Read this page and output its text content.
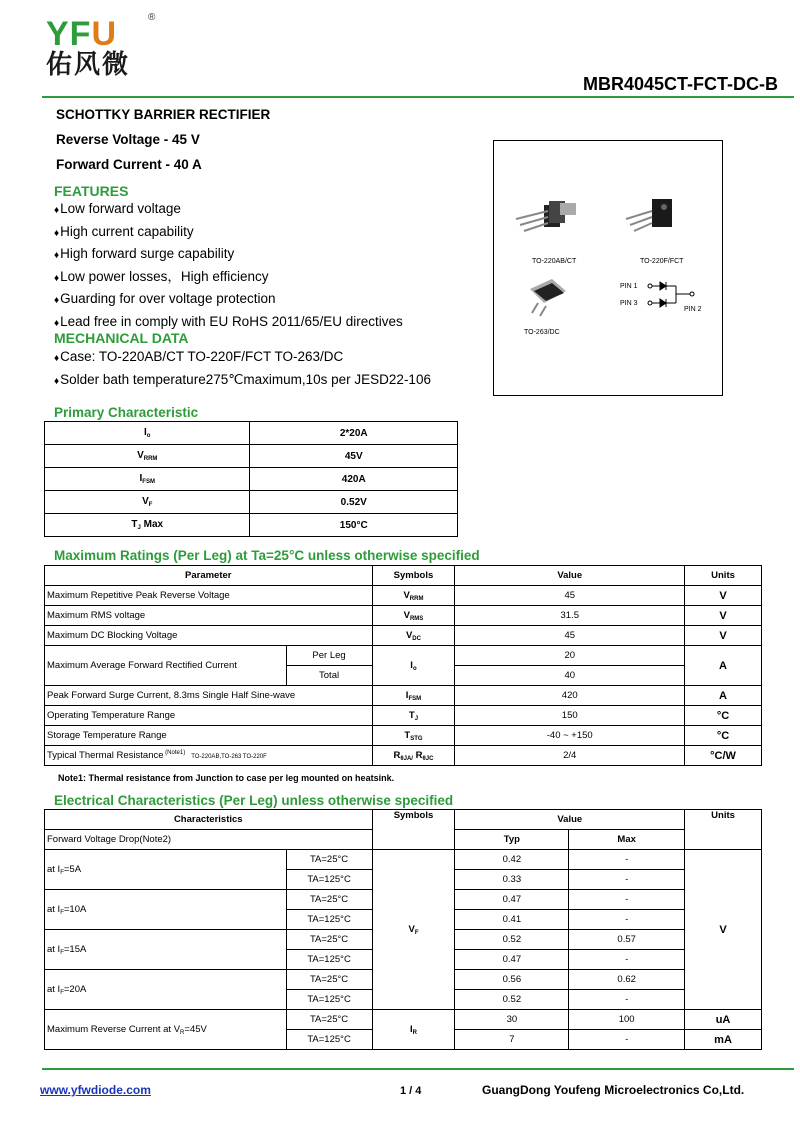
YFU
佑风微
®
MBR4045CT-FCT-DC-B
SCHOTTKY BARRIER RECTIFIER
Reverse Voltage - 45 V
Forward Current - 40 A
FEATURES
♦Low forward voltage
♦High current capability
♦High forward surge capability
♦Low power losses，High efficiency
♦Guarding for over voltage protection
♦Lead free in comply with EU RoHS 2011/65/EU directives
MECHANICAL DATA
♦Case: TO-220AB/CT TO-220F/FCT TO-263/DC
♦Solder bath temperature275℃maximum,10s per JESD22-106
TO-220AB/CT	TO-220F/FCT
TO-263/DC
PIN 1
PIN 3
PIN 2
Primary Characteristic
$I_o$	2*20A
$V_{RRM}$	45V
$I_{FSM}$	420A
$V_F$	0.52V
$T_J$ Max	150°C
Maximum Ratings (Per Leg) at Ta=25°C unless otherwise specified
Parameter		Symbols	Value	Units
Maximum Repetitive Peak Reverse Voltage		$V_{RRM}$	45	V
Maximum RMS voltage		$V_{RMS}$	31.5	V
Maximum DC Blocking Voltage		$V_{DC}$	45	V
Maximum Average Forward Rectified Current	Per Leg	$I_o$	20	A
	Total		40	
Peak Forward Surge Current, 8.3ms Single Half Sine-wave		$I_{FSM}$	420	A
Operating Temperature Range		$T_J$	150	°C
Storage Temperature Range		$T_{STG}$	-40 ~ +150	°C
Typical Thermal Resistance $^{(Note1)}$TO-220AB,TO-263 TO-220F		$R_{\theta JA/}$ $R_{\theta JC}$	2/4	°C/W
Note1: Thermal resistance from Junction to case per leg mounted on heatsink.
Electrical Characteristics (Per Leg) unless otherwise specified
Characteristics		Symbols	Value		Units
Forward Voltage Drop(Note2)			Typ	Max	
at $I_F=5A$	TA=25°C	$V_F$	0.42	-	V
	TA=125°C		0.33	-	
at $I_F=10A$	TA=25°C		0.47	-	
	TA=125°C		0.41	-	
at $I_F=15A$	TA=25°C		0.52	0.57	
	TA=125°C		0.47	-	
at $I_F=20A$	TA=25°C		0.56	0.62	
	TA=125°C		0.52	-	
Maximum Reverse Current at $V_R=45V$	TA=25°C	$I_R$	30	100	uA
	TA=125°C		7	-	mA
www.yfwdiode.com	1 / 4	GuangDong Youfeng Microelectronics Co,Ltd.
